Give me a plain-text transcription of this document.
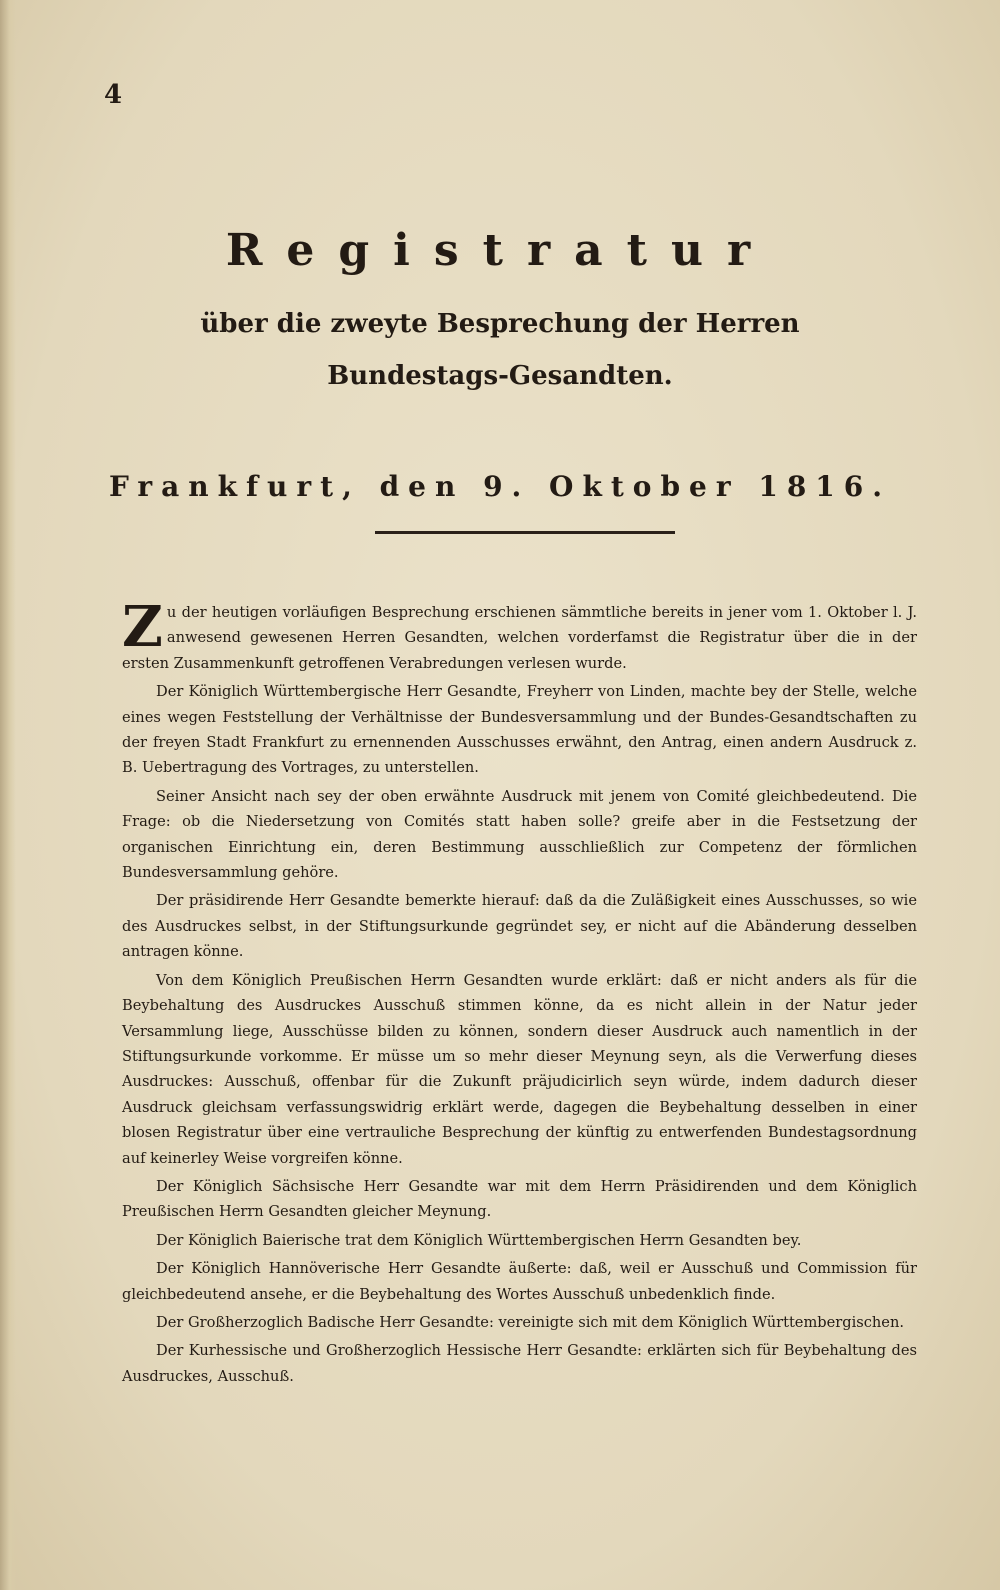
4
Registratur
über die zweyte Besprechung der Herren Bundestags-Gesandten.
Frankfurt, den 9. Oktober 1816.

Zu der heutigen vorläufigen Besprechung erschienen sämmtliche bereits in jener vom 1. Oktober l. J. anwesend gewesenen Herren Gesandten, welchen vorderfamst die Registratur über die in der ersten Zusammenkunft getroffenen Verabredungen verlesen wurde.

Der Königlich Württembergische Herr Gesandte, Freyherr von Linden, machte bey der Stelle, welche eines wegen Feststellung der Verhältnisse der Bundesversammlung und der Bundes-Gesandtschaften zu der freyen Stadt Frankfurt zu ernennenden Ausschusses erwähnt, den Antrag, einen andern Ausdruck z. B. Uebertragung des Vortrages, zu unterstellen.

Seiner Ansicht nach sey der oben erwähnte Ausdruck mit jenem von Comité gleichbedeutend. Die Frage: ob die Niedersetzung von Comités statt haben solle? greife aber in die Festsetzung der organischen Einrichtung ein, deren Bestimmung ausschließlich zur Competenz der förmlichen Bundesversammlung gehöre.

Der präsidirende Herr Gesandte bemerkte hierauf: daß da die Zuläßigkeit eines Ausschusses, so wie des Ausdruckes selbst, in der Stiftungsurkunde gegründet sey, er nicht auf die Abänderung desselben antragen könne.

Von dem Königlich Preußischen Herrn Gesandten wurde erklärt: daß er nicht anders als für die Beybehaltung des Ausdruckes Ausschuß stimmen könne, da es nicht allein in der Natur jeder Versammlung liege, Ausschüsse bilden zu können, sondern dieser Ausdruck auch namentlich in der Stiftungsurkunde vorkomme. Er müsse um so mehr dieser Meynung seyn, als die Verwerfung dieses Ausdruckes: Ausschuß, offenbar für die Zukunft präjudicirlich seyn würde, indem dadurch dieser Ausdruck gleichsam verfassungswidrig erklärt werde, dagegen die Beybehaltung desselben in einer blosen Registratur über eine vertrauliche Besprechung der künftig zu entwerfenden Bundestagsordnung auf keinerley Weise vorgreifen könne.

Der Königlich Sächsische Herr Gesandte war mit dem Herrn Präsidirenden und dem Königlich Preußischen Herrn Gesandten gleicher Meynung.

Der Königlich Baierische trat dem Königlich Württembergischen Herrn Gesandten bey.

Der Königlich Hannöverische Herr Gesandte äußerte: daß, weil er Ausschuß und Commission für gleichbedeutend ansehe, er die Beybehaltung des Wortes Ausschuß unbedenklich finde.

Der Großherzoglich Badische Herr Gesandte: vereinigte sich mit dem Königlich Württembergischen.

Der Kurhessische und Großherzoglich Hessische Herr Gesandte: erklärten sich für Beybehaltung des Ausdruckes, Ausschuß.
